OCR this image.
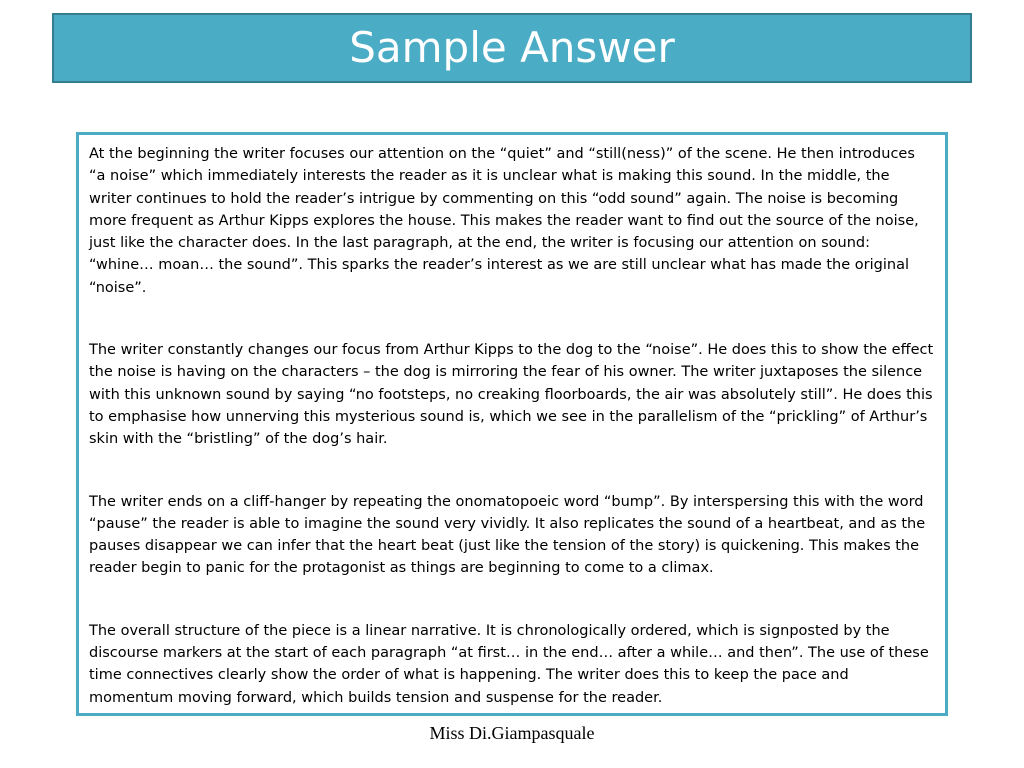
Sample Answer

At the beginning the writer focuses our attention on the “quiet” and “still(ness)” of the scene. He then introduces “a noise” which immediately interests the reader as it is unclear what is making this sound. In the middle, the writer continues to hold the reader’s intrigue by commenting on this “odd sound” again. The noise is becoming more frequent as Arthur Kipps explores the house. This makes the reader want to find out the source of the noise, just like the character does. In the last paragraph, at the end, the writer is focusing our attention on sound: “whine… moan… the sound”. This sparks the reader’s interest as we are still unclear what has made the original “noise”.

The writer constantly changes our focus from Arthur Kipps to the dog to the “noise”. He does this to show the effect the noise is having on the characters – the dog is mirroring the fear of his owner. The writer juxtaposes the silence with this unknown sound by saying “no footsteps, no creaking floorboards, the air was absolutely still”. He does this to emphasise how unnerving this mysterious sound is, which we see in the parallelism of the “prickling” of Arthur’s skin with the “bristling” of the dog’s hair.

The writer ends on a cliff-hanger by repeating the onomatopoeic word “bump”. By interspersing this with the word “pause” the reader is able to imagine the sound very vividly. It also replicates the sound of a heartbeat, and as the pauses disappear we can infer that the heart beat (just like the tension of the story) is quickening. This makes the reader begin to panic for the protagonist as things are beginning to come to a climax.

The overall structure of the piece is a linear narrative. It is chronologically ordered, which is signposted by the discourse markers at the start of each paragraph “at first… in the end… after a while… and then”. The use of these time connectives clearly show the order of what is happening. The writer does this to keep the pace and momentum moving forward, which builds tension and suspense for the reader.

Miss Di.Giampasquale
